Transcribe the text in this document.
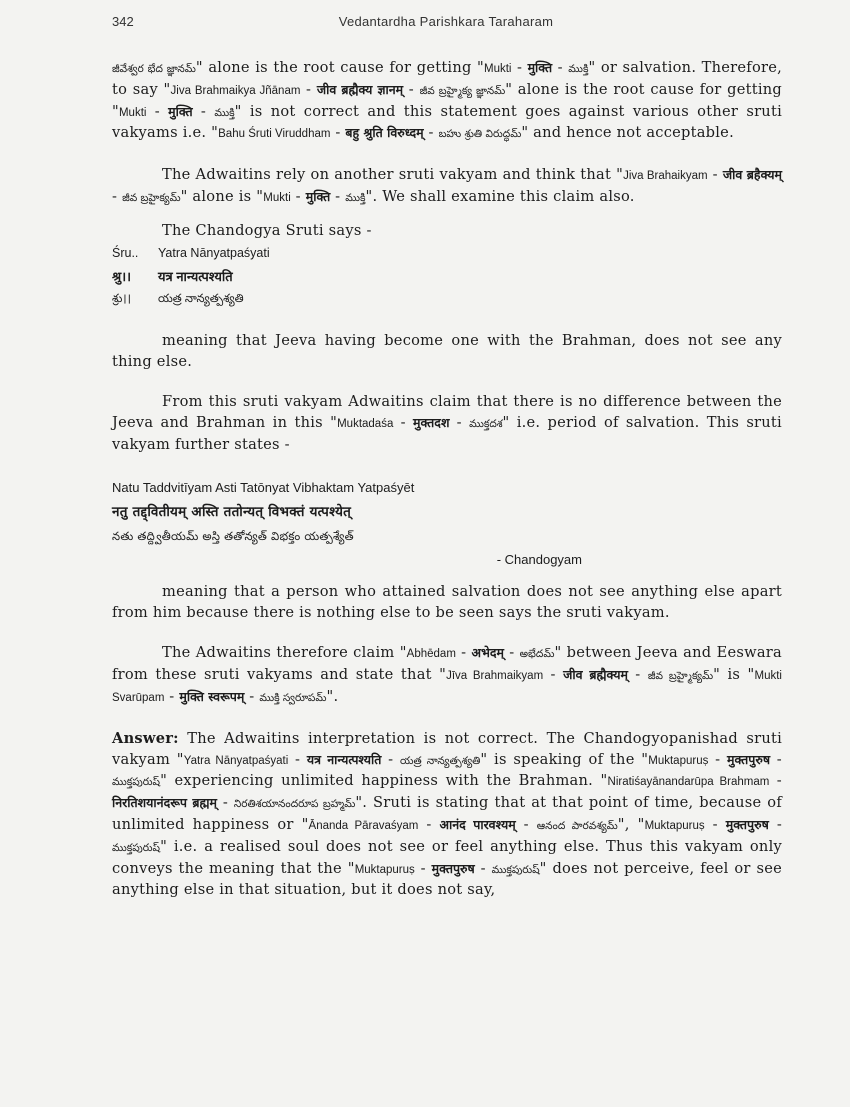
342	Vedantardha Parishkara Taraharam

జీవేశ్వర భేద జ్ఞానమ్" alone is the root cause for getting "Mukti - मुक्ति - ముక్తి" or salvation. Therefore, to say "Jiva Brahmaikya Jñānam - जीव ब्रह्मैक्य ज्ञानम् - జీవ బ్రహ్మైక్య జ్ఞానమ్" alone is the root cause for getting "Mukti - मुक्ति - ముక్తి" is not correct and this statement goes against various other sruti vakyams i.e. "Bahu Śruti Viruddham - बहु श्रुति विरुध्दम् - బహు శ్రుతి విరుద్ధమ్" and hence not acceptable.

The Adwaitins rely on another sruti vakyam and think that "Jiva Brahaikyam - जीव ब्रहैक्यम् - జీవ బ్రహైక్యమ్" alone is "Mukti - मुक्ति - ముక్తి". We shall examine this claim also.

The Chandogya Sruti says -
Śru..	Yatra Nānyatpaśyati
श्रु।।	यत्र नान्यत्पश्यति
శ్రు।।	యత్ర నాన్యత్పశ్యతి

meaning that Jeeva having become one with the Brahman, does not see any thing else.

From this sruti vakyam Adwaitins claim that there is no difference between the Jeeva and Brahman in this "Muktadaśa - मुक्तदश - ముక్తదశ" i.e. period of salvation. This sruti vakyam further states -

Natu Taddvitīyam Asti Tatōnyat Vibhaktam Yatpaśyēt
नतु तद्द्वितीयम् अस्ति ततोन्यत् विभक्तं यत्पश्येत्
నతు తద్ద్వితీయమ్ అస్తి తతోన్యత్ విభక్తం యత్పశ్యేత్
- Chandogyam

meaning that a person who attained salvation does not see anything else apart from him because there is nothing else to be seen says the sruti vakyam.

The Adwaitins therefore claim "Abhēdam - अभेदम् - అభేదమ్" between Jeeva and Eeswara from these sruti vakyams and state that "Jīva Brahmaikyam - जीव ब्रह्मैक्यम् - జీవ బ్రహ్మైక్యమ్" is "Mukti Svarūpam - मुक्ति स्वरूपम् - ముక్తి స్వరూపమ్".

Answer: The Adwaitins interpretation is not correct. The Chandogyopanishad sruti vakyam "Yatra Nānyatpaśyati - यत्र नान्यत्पश्यति - యత్ర నాన్యత్పశ్యతి" is speaking of the "Muktapuruṣ - मुक्तपुरुष - ముక్తపురుష్" experiencing unlimited happiness with the Brahman. "Niratiśayānandarūpa Brahmam - निरतिशयानंदरूप ब्रह्मम् - నిరతిశయానందరూప బ్రహ్మమ్". Sruti is stating that at that point of time, because of unlimited happiness or "Ānanda Pāravaśyam - आनंद पारवश्यम् - ఆనంద పారవశ్యమ్", "Muktapuruṣ - मुक्तपुरुष - ముక్తపురుష్" i.e. a realised soul does not see or feel anything else. Thus this vakyam only conveys the meaning that the "Muktapuruṣ - मुक्तपुरुष - ముక్తపురుష్" does not perceive, feel or see anything else in that situation, but it does not say,
